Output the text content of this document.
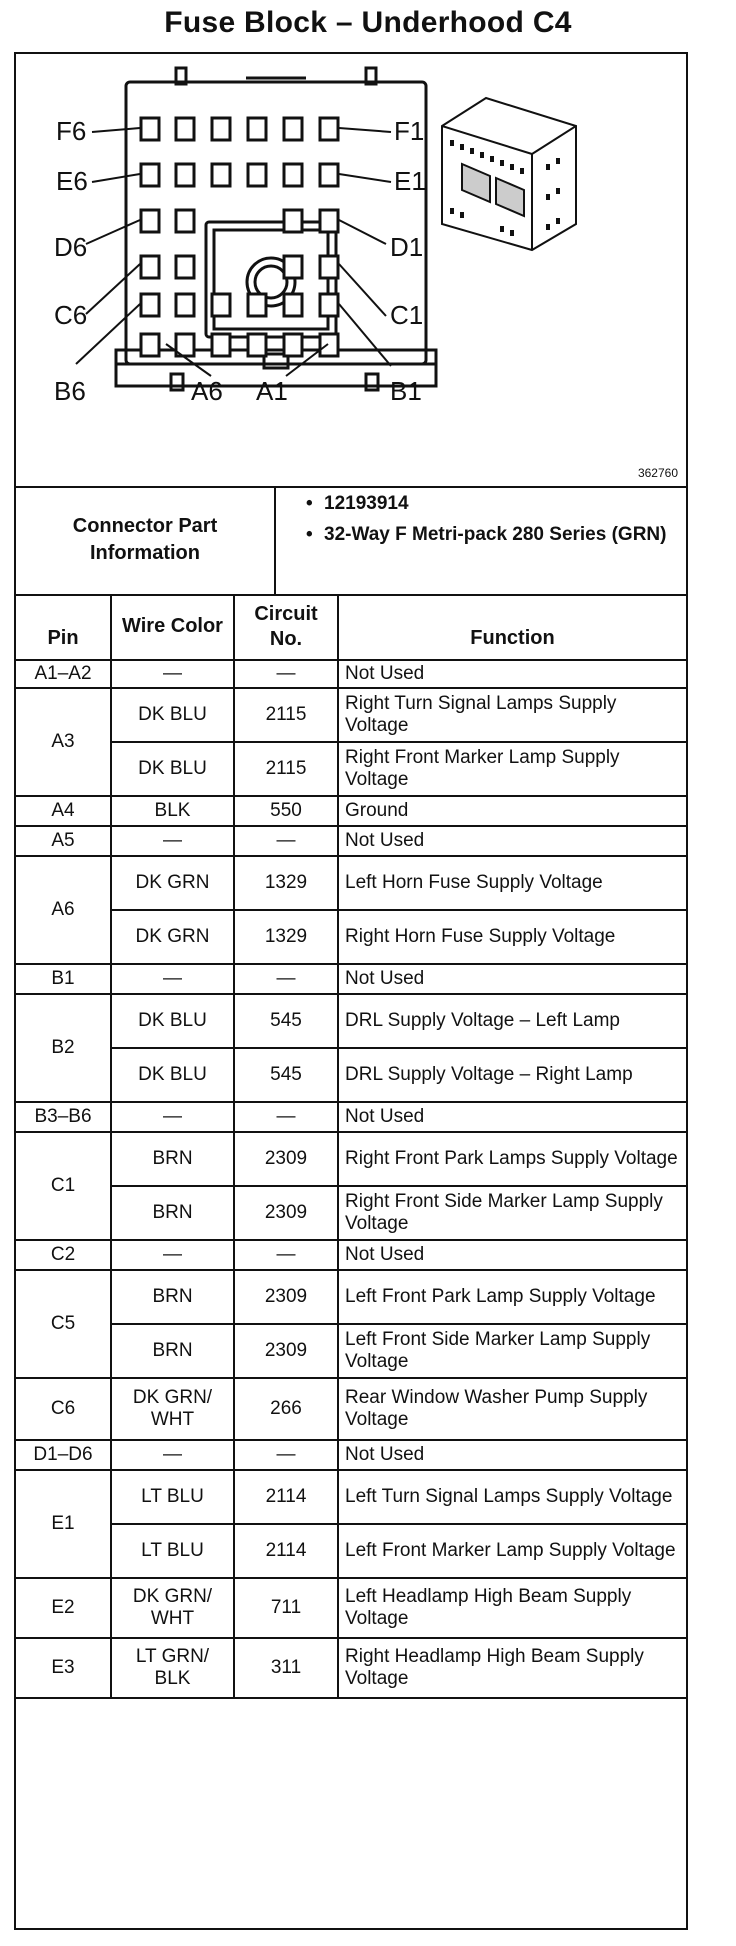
Fuse Block – Underhood C4
F6
E6
D6
C6
B6	A6 A1
F1
E1
D1
C1
B1
362760
Connector Part Information
• 12193914
• 32-Way F Metri-pack 280 Series (GRN)
Pin	Wire Color	Circuit No.	Function
A1–A2	—	—	Not Used
A3	DK BLU	2115	Right Turn Signal Lamps Supply Voltage
	DK BLU	2115	Right Front Marker Lamp Supply Voltage
A4	BLK	550	Ground
A5	—	—	Not Used
A6	DK GRN	1329	Left Horn Fuse Supply Voltage
	DK GRN	1329	Right Horn Fuse Supply Voltage
B1	—	—	Not Used
B2	DK BLU	545	DRL Supply Voltage – Left Lamp
	DK BLU	545	DRL Supply Voltage – Right Lamp
B3–B6	—	—	Not Used
C1	BRN	2309	Right Front Park Lamps Supply Voltage
	BRN	2309	Right Front Side Marker Lamp Supply Voltage
C2	—	—	Not Used
C5	BRN	2309	Left Front Park Lamp Supply Voltage
	BRN	2309	Left Front Side Marker Lamp Supply Voltage
C6	DK GRN/ WHT	266	Rear Window Washer Pump Supply Voltage
D1–D6	—	—	Not Used
E1	LT BLU	2114	Left Turn Signal Lamps Supply Voltage
	LT BLU	2114	Left Front Marker Lamp Supply Voltage
E2	DK GRN/ WHT	711	Left Headlamp High Beam Supply Voltage
E3	LT GRN/ BLK	311	Right Headlamp High Beam Supply Voltage
